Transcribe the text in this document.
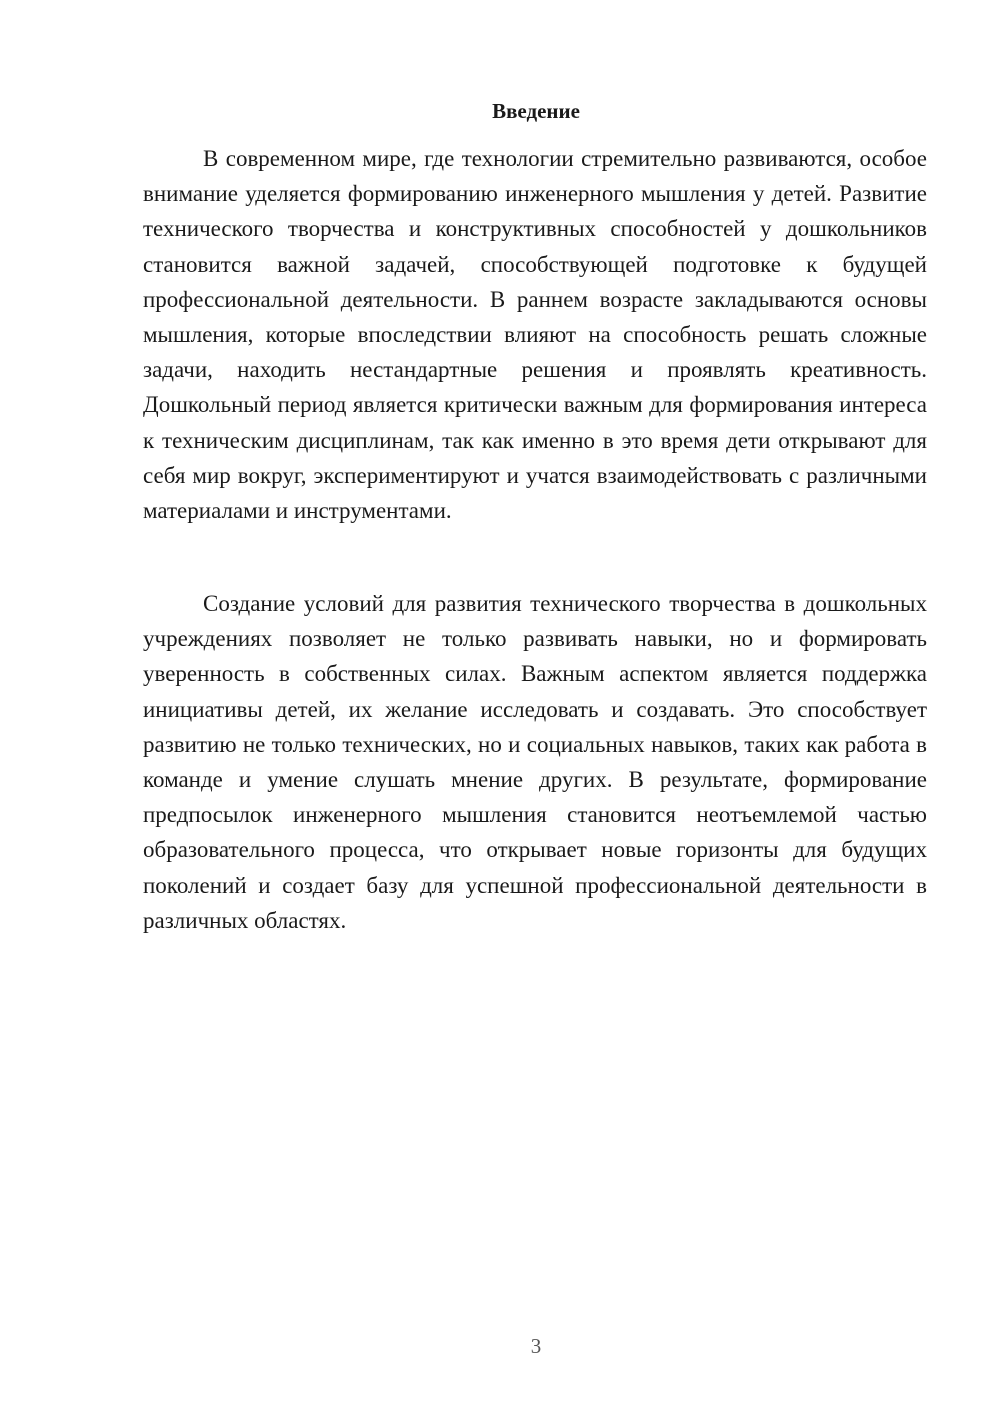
Введение

В современном мире, где технологии стремительно развиваются, особое внимание уделяется формированию инженерного мышления у детей. Развитие технического творчества и конструктивных способностей у дошкольников становится важной задачей, способствующей подготовке к будущей профессиональной деятельности. В раннем возрасте закладываются основы мышления, которые впоследствии влияют на способность решать сложные задачи, находить нестандартные решения и проявлять креативность. Дошкольный период является критически важным для формирования интереса к техническим дисциплинам, так как именно в это время дети открывают для себя мир вокруг, экспериментируют и учатся взаимодействовать с различными материалами и инструментами.

Создание условий для развития технического творчества в дошкольных учреждениях позволяет не только развивать навыки, но и формировать уверенность в собственных силах. Важным аспектом является поддержка инициативы детей, их желание исследовать и создавать. Это способствует развитию не только технических, но и социальных навыков, таких как работа в команде и умение слушать мнение других. В результате, формирование предпосылок инженерного мышления становится неотъемлемой частью образовательного процесса, что открывает новые горизонты для будущих поколений и создает базу для успешной профессиональной деятельности в различных областях.

3
